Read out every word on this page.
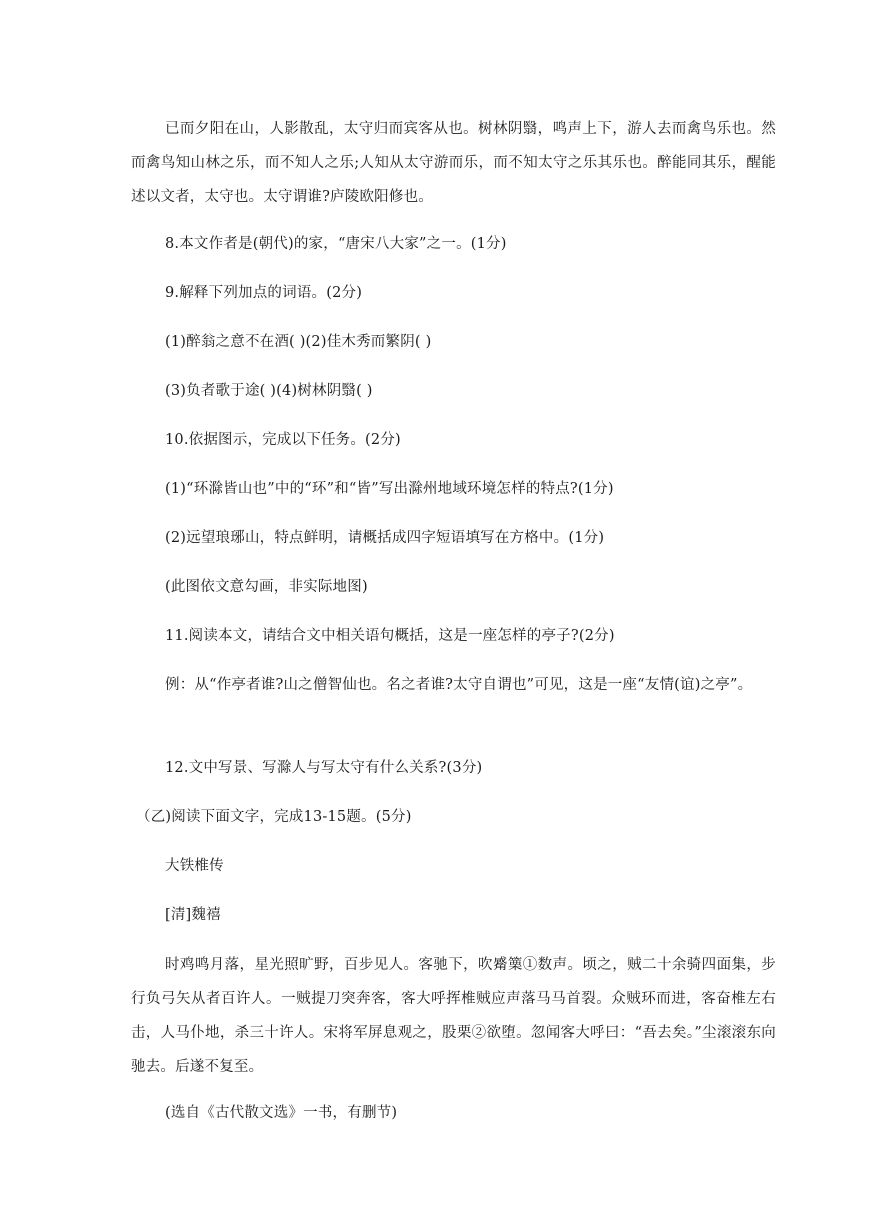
已而夕阳在山，人影散乱，太守归而宾客从也。树林阴翳，鸣声上下，游人去而禽鸟乐也。然而禽鸟知山林之乐，而不知人之乐;人知从太守游而乐，而不知太守之乐其乐也。醉能同其乐，醒能述以文者，太守也。太守谓谁?庐陵欧阳修也。
8.本文作者是(朝代)的家，“唐宋八大家”之一。(1分)
9.解释下列加点的词语。(2分)
(1)醉翁之意不在酒( )(2)佳木秀而繁阴( )
(3)负者歌于途( )(4)树林阴翳( )
10.依据图示，完成以下任务。(2分)
(1)“环滁皆山也”中的“环”和“皆”写出滁州地域环境怎样的特点?(1分)
(2)远望琅琊山，特点鲜明，请概括成四字短语填写在方格中。(1分)
(此图依文意勾画，非实际地图)
11.阅读本文，请结合文中相关语句概括，这是一座怎样的亭子?(2分)
例：从“作亭者谁?山之僧智仙也。名之者谁?太守自谓也”可见，这是一座“友情(谊)之亭”。
12.文中写景、写滁人与写太守有什么关系?(3分)
（乙)阅读下面文字，完成13-15题。(5分)
大铁椎传
[清]魏禧
时鸡鸣月落，星光照旷野，百步见人。客驰下，吹觱篥①数声。顷之，贼二十余骑四面集，步行负弓矢从者百许人。一贼提刀突奔客，客大呼挥椎贼应声落马马首裂。众贼环而进，客奋椎左右击，人马仆地，杀三十许人。宋将军屏息观之，股栗②欲堕。忽闻客大呼曰：“吾去矣。”尘滚滚东向驰去。后遂不复至。
(选自《古代散文选》一书，有删节)
